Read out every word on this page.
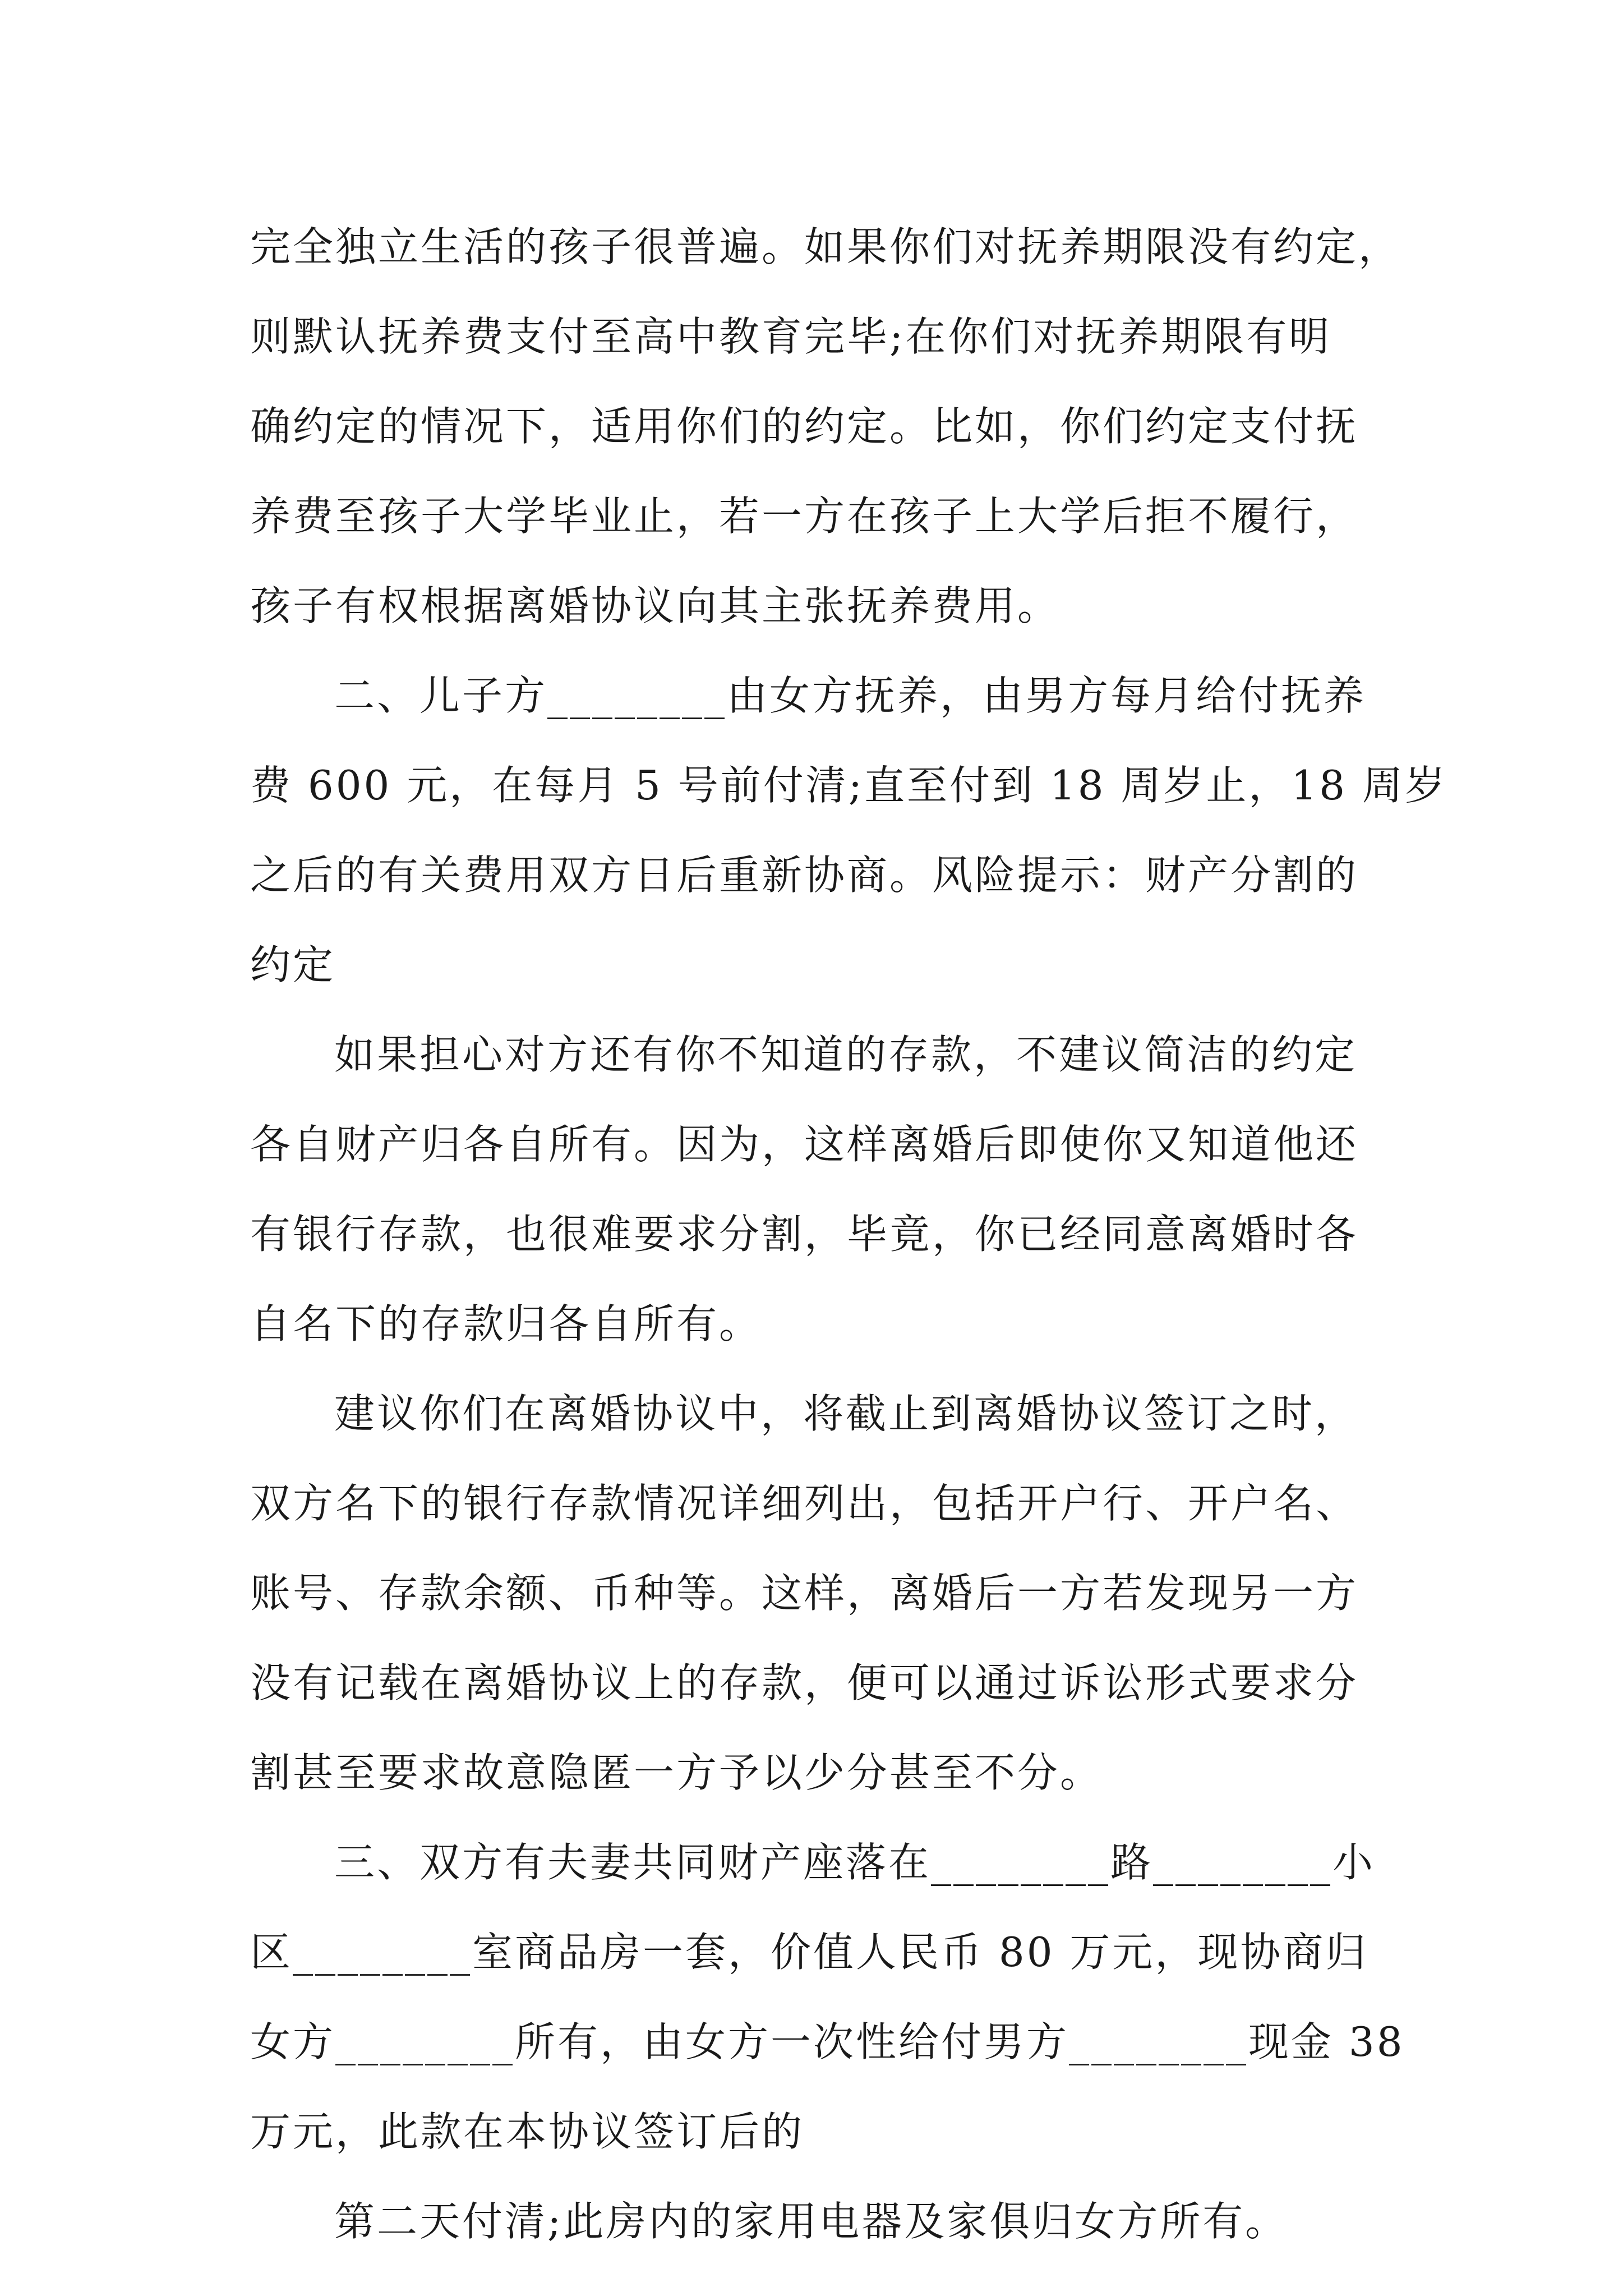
完全独立生活的孩子很普遍。如果你们对抚养期限没有约定，
则默认抚养费支付至高中教育完毕;在你们对抚养期限有明
确约定的情况下，适用你们的约定。比如，你们约定支付抚
养费至孩子大学毕业止，若一方在孩子上大学后拒不履行，
孩子有权根据离婚协议向其主张抚养费用。
二、儿子方________由女方抚养，由男方每月给付抚养
费 600 元，在每月 5 号前付清;直至付到 18 周岁止，18 周岁
之后的有关费用双方日后重新协商。风险提示：财产分割的
约定
如果担心对方还有你不知道的存款，不建议简洁的约定
各自财产归各自所有。因为，这样离婚后即使你又知道他还
有银行存款，也很难要求分割，毕竟，你已经同意离婚时各
自名下的存款归各自所有。
建议你们在离婚协议中，将截止到离婚协议签订之时，
双方名下的银行存款情况详细列出，包括开户行、开户名、
账号、存款余额、币种等。这样，离婚后一方若发现另一方
没有记载在离婚协议上的存款，便可以通过诉讼形式要求分
割甚至要求故意隐匿一方予以少分甚至不分。
三、双方有夫妻共同财产座落在________路________小
区________室商品房一套，价值人民币 80 万元，现协商归
女方________所有，由女方一次性给付男方________现金 38
万元，此款在本协议签订后的
第二天付清;此房内的家用电器及家俱归女方所有。
